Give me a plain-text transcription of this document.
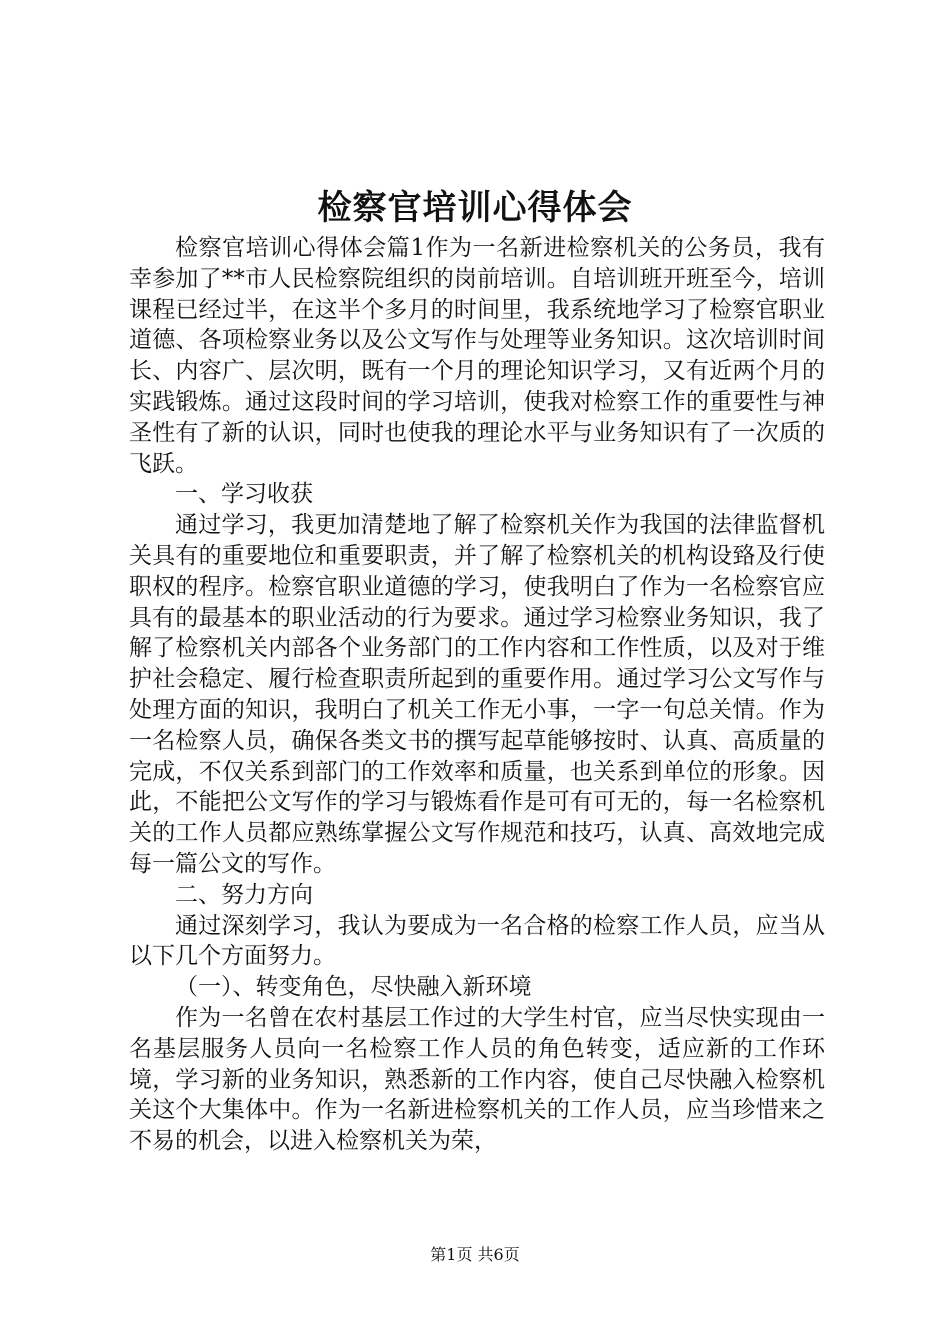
检察官培训心得体会

检察官培训心得体会篇1作为一名新进检察机关的公务员，我有幸参加了**市人民检察院组织的岗前培训。自培训班开班至今，培训课程已经过半，在这半个多月的时间里，我系统地学习了检察官职业道德、各项检察业务以及公文写作与处理等业务知识。这次培训时间长、内容广、层次明，既有一个月的理论知识学习，又有近两个月的实践锻炼。通过这段时间的学习培训，使我对检察工作的重要性与神圣性有了新的认识，同时也使我的理论水平与业务知识有了一次质的飞跃。

一、学习收获

通过学习，我更加清楚地了解了检察机关作为我国的法律监督机关具有的重要地位和重要职责，并了解了检察机关的机构设臵及行使职权的程序。检察官职业道德的学习，使我明白了作为一名检察官应具有的最基本的职业活动的行为要求。通过学习检察业务知识，我了解了检察机关内部各个业务部门的工作内容和工作性质，以及对于维护社会稳定、履行检查职责所起到的重要作用。通过学习公文写作与处理方面的知识，我明白了机关工作无小事，一字一句总关情。作为一名检察人员，确保各类文书的撰写起草能够按时、认真、高质量的完成，不仅关系到部门的工作效率和质量，也关系到单位的形象。因此，不能把公文写作的学习与锻炼看作是可有可无的，每一名检察机关的工作人员都应熟练掌握公文写作规范和技巧，认真、高效地完成每一篇公文的写作。

二、努力方向

通过深刻学习，我认为要成为一名合格的检察工作人员，应当从以下几个方面努力。

（一）、转变角色，尽快融入新环境

作为一名曾在农村基层工作过的大学生村官，应当尽快实现由一名基层服务人员向一名检察工作人员的角色转变，适应新的工作环境，学习新的业务知识，熟悉新的工作内容，使自己尽快融入检察机关这个大集体中。作为一名新进检察机关的工作人员，应当珍惜来之不易的机会，以进入检察机关为荣，

第1页 共6页
